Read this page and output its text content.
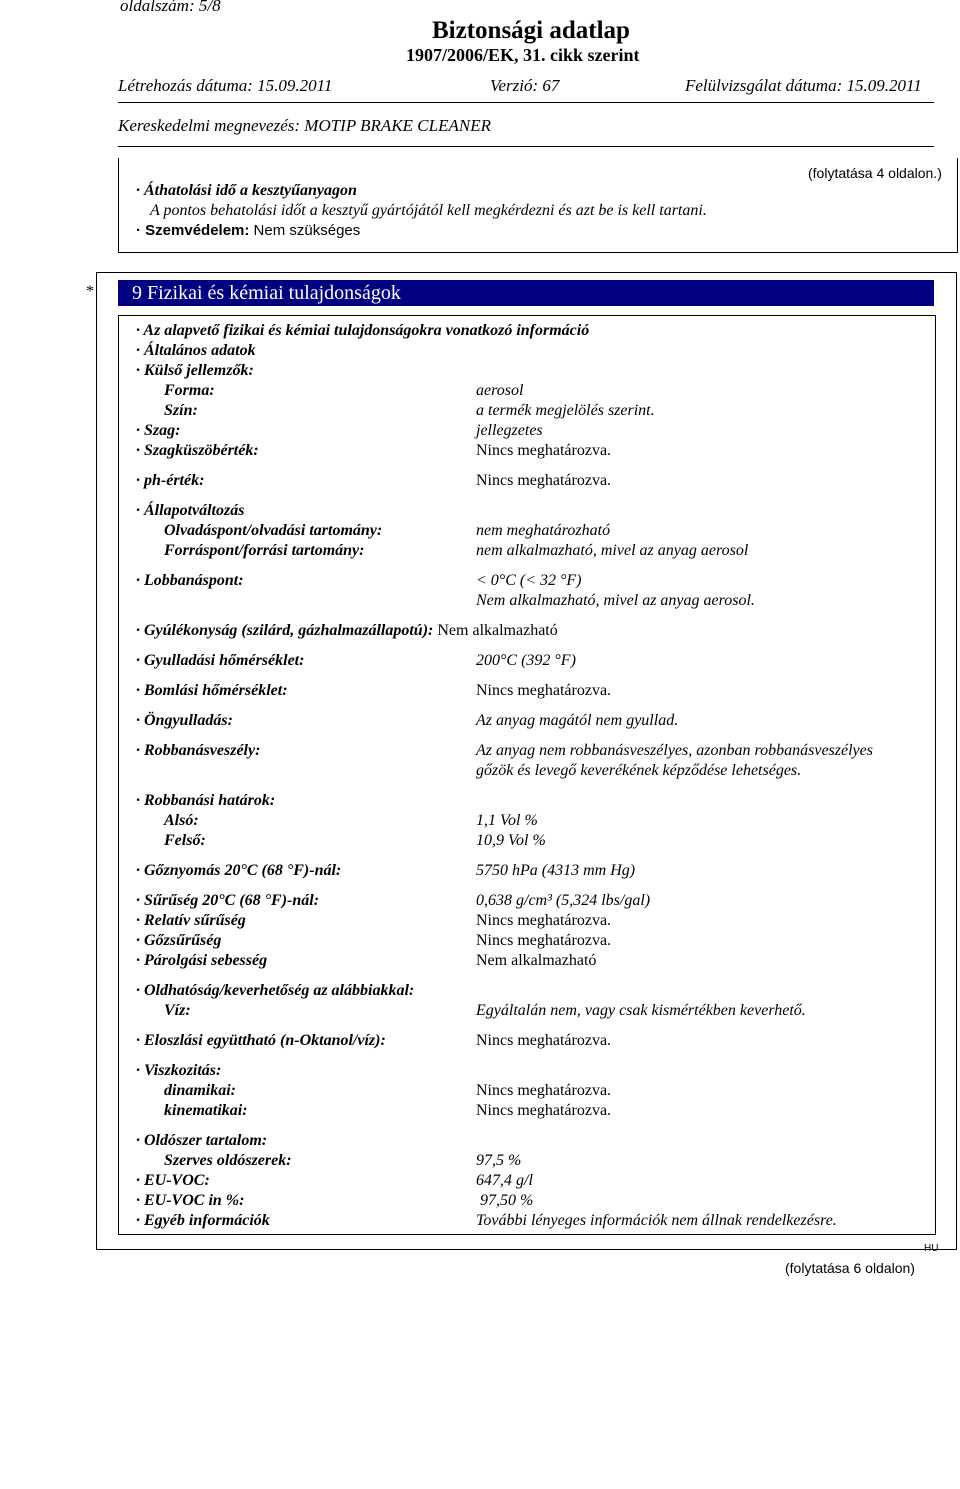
oldalszám: 5/8
Biztonsági adatlap
1907/2006/EK, 31. cikk szerint
Létrehozás dátuma: 15.09.2011	Verzió: 67	Felülvizsgálat dátuma: 15.09.2011
Kereskedelmi megnevezés: MOTIP BRAKE CLEANER
(folytatása 4 oldalon.)
· Áthatolási idő a kesztyűanyagon
A pontos behatolási időt a kesztyű gyártójától kell megkérdezni és azt be is kell tartani.
· Szemvédelem: Nem szükséges
*	9 Fizikai és kémiai tulajdonságok
· Az alapvető fizikai és kémiai tulajdonságokra vonatkozó információ
· Általános adatok
· Külső jellemzők:
Forma:	aerosol
Szín:	a termék megjelölés szerint.
· Szag:	jellegzetes
· Szagküszöbérték:	Nincs meghatározva.
· ph-érték:	Nincs meghatározva.
· Állapotváltozás
Olvadáspont/olvadási tartomány:	nem meghatározható
Forráspont/forrási tartomány:	nem alkalmazható, mivel az anyag aerosol
· Lobbanáspont:	< 0°C (< 32 °F)
Nem alkalmazható, mivel az anyag aerosol.
· Gyúlékonyság (szilárd, gázhalmazállapotú): Nem alkalmazható
· Gyulladási hőmérséklet:	200°C (392 °F)
· Bomlási hőmérséklet:	Nincs meghatározva.
· Öngyulladás:	Az anyag magától nem gyullad.
· Robbanásveszély:	Az anyag nem robbanásveszélyes, azonban robbanásveszélyes
gőzök és levegő keverékének képződése lehetséges.
· Robbanási határok:
Alsó:	1,1 Vol %
Felső:	10,9 Vol %
· Gőznyomás 20°C (68 °F)-nál:	5750 hPa (4313 mm Hg)
· Sűrűség 20°C (68 °F)-nál:	0,638 g/cm³ (5,324 lbs/gal)
· Relatív sűrűség	Nincs meghatározva.
· Gőzsűrűség	Nincs meghatározva.
· Párolgási sebesség	Nem alkalmazható
· Oldhatóság/keverhetőség az alábbiakkal:
Víz:	Egyáltalán nem, vagy csak kismértékben keverhető.
· Eloszlási együttható (n-Oktanol/víz):	Nincs meghatározva.
· Viszkozitás:
dinamikai:	Nincs meghatározva.
kinematikai:	Nincs meghatározva.
· Oldószer tartalom:
Szerves oldószerek:	97,5 %
· EU-VOC:	647,4 g/l
· EU-VOC in %:	97,50 %
· Egyéb információk	További lényeges információk nem állnak rendelkezésre.
HU
(folytatása 6 oldalon)
